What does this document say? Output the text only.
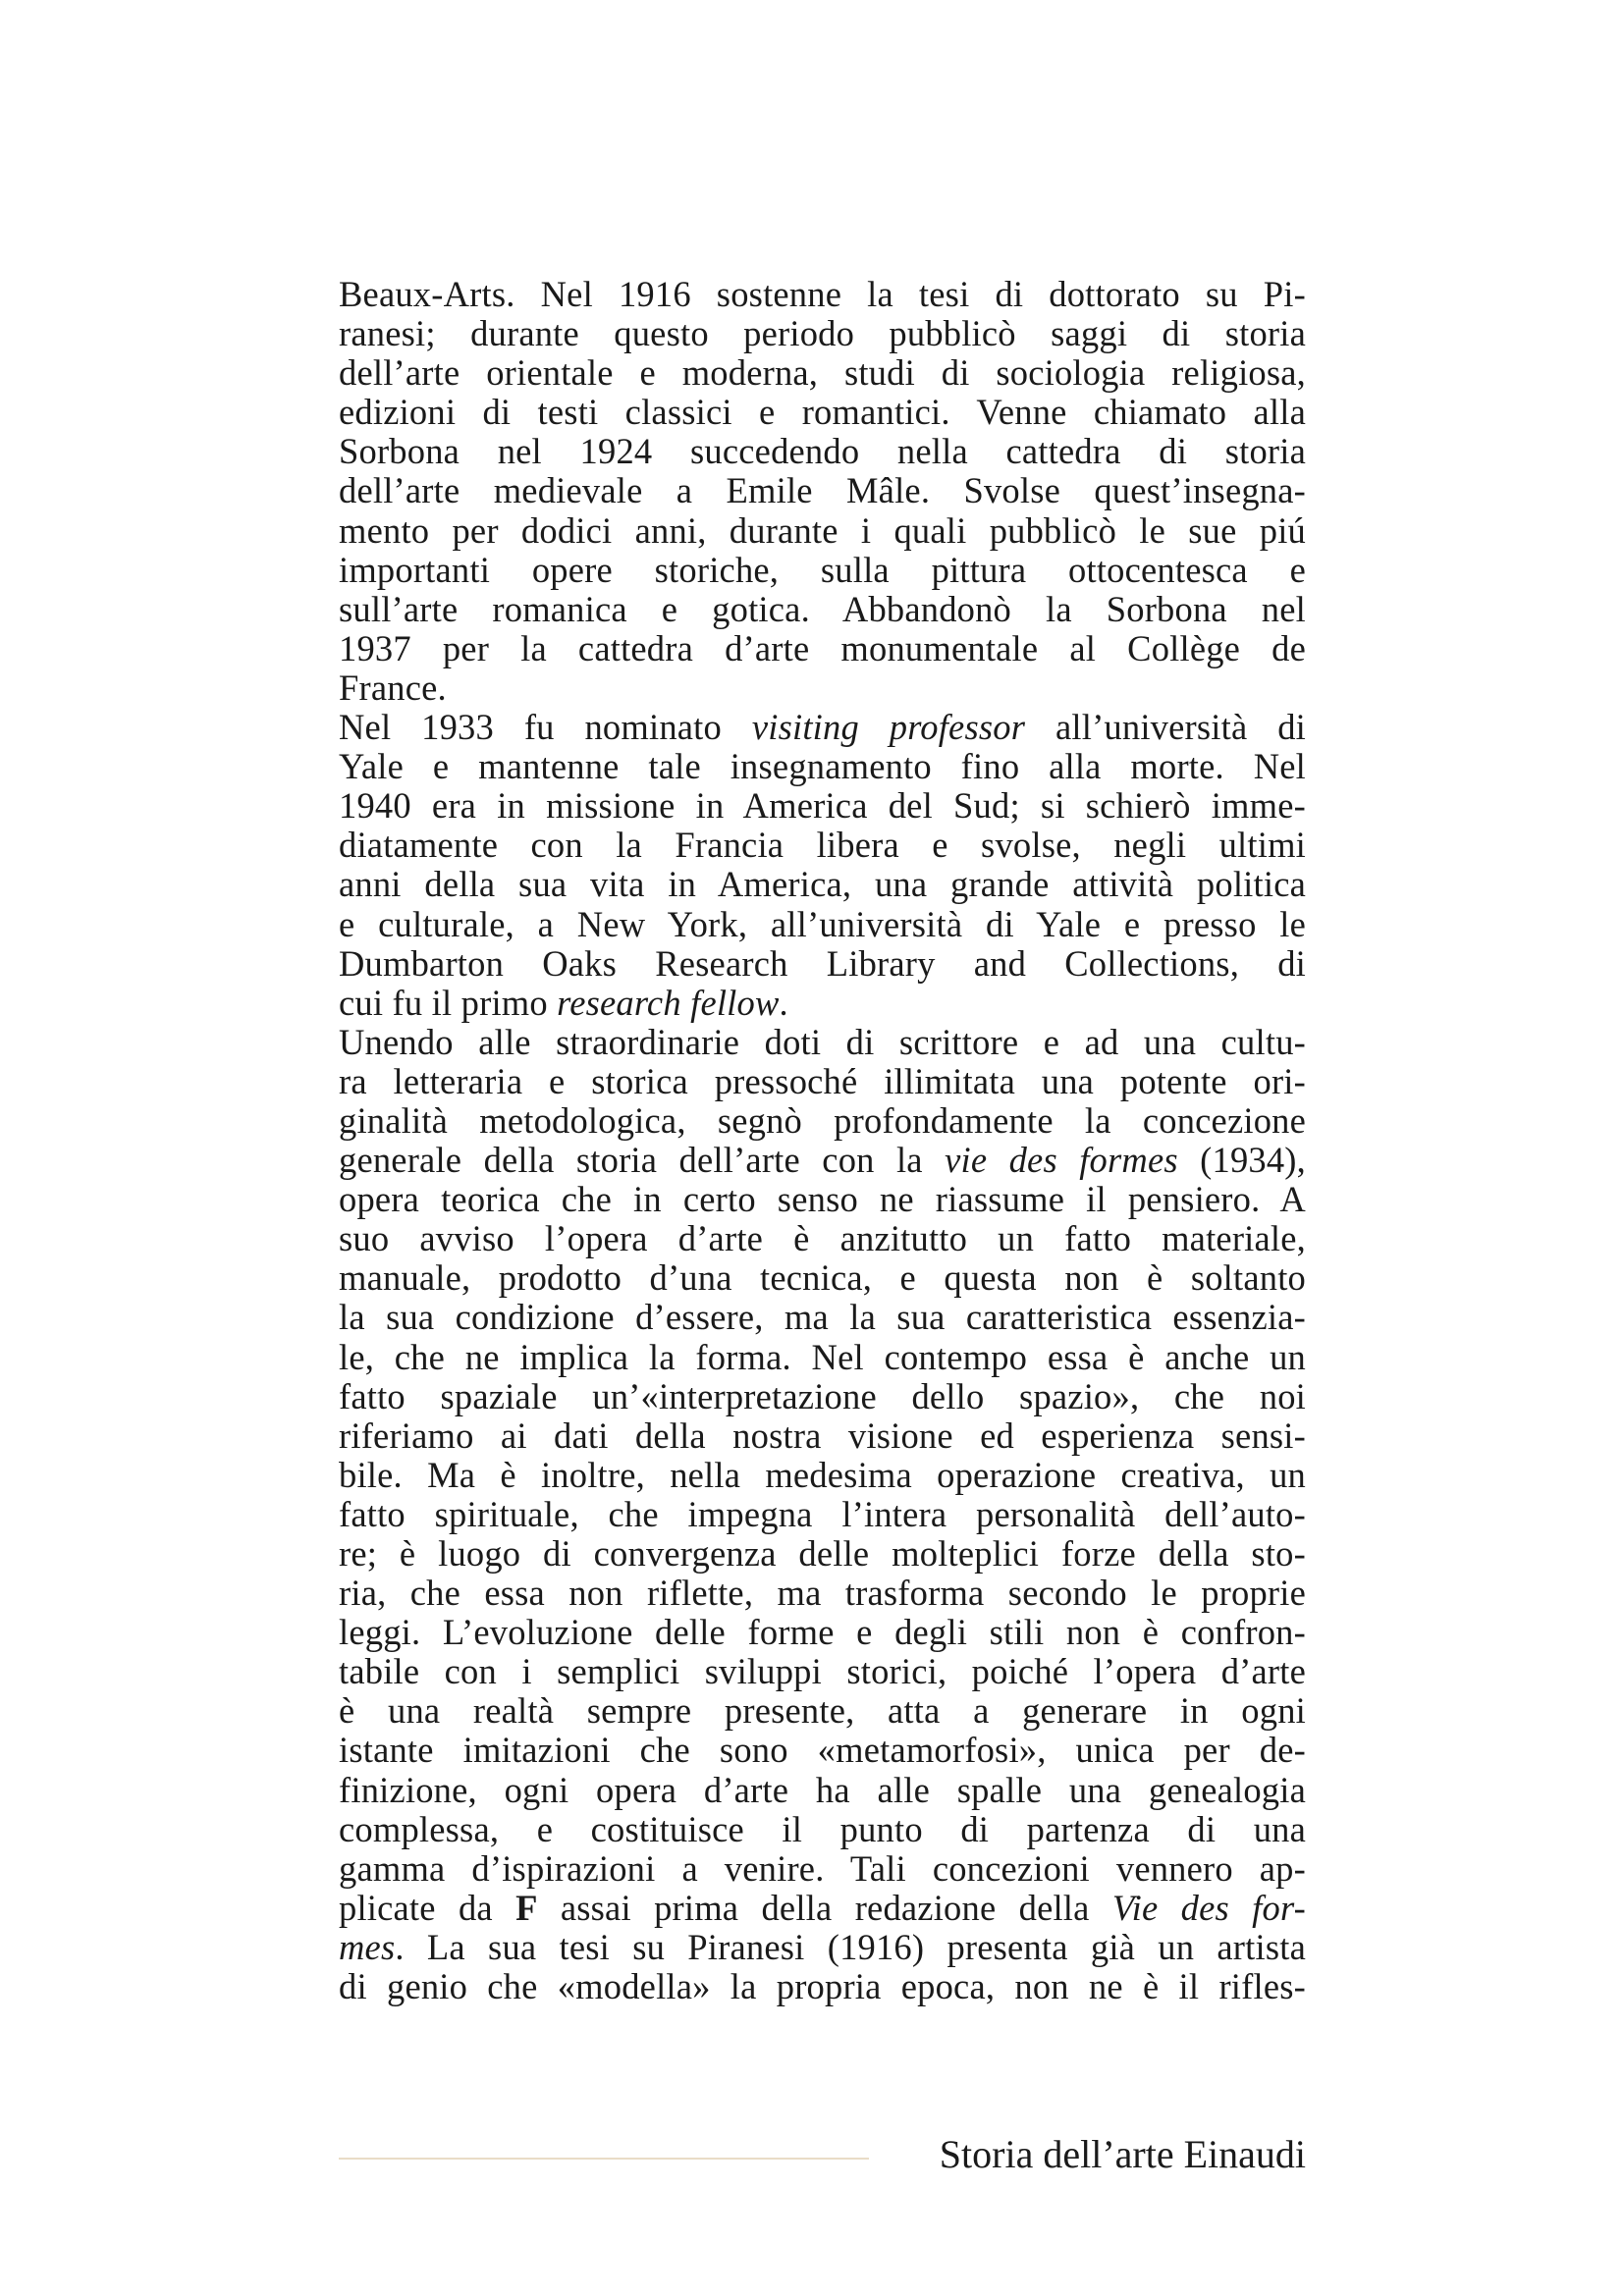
Beaux-Arts. Nel 1916 sostenne la tesi di dottorato su Pi-
ranesi; durante questo periodo pubblicò saggi di storia
dell’arte orientale e moderna, studi di sociologia religiosa,
edizioni di testi classici e romantici. Venne chiamato alla
Sorbona nel 1924 succedendo nella cattedra di storia
dell’arte medievale a Emile Mâle. Svolse quest’insegna-
mento per dodici anni, durante i quali pubblicò le sue piú
importanti opere storiche, sulla pittura ottocentesca e
sull’arte romanica e gotica. Abbandonò la Sorbona nel
1937 per la cattedra d’arte monumentale al Collège de
France.
Nel 1933 fu nominato visiting professor all’università di
Yale e mantenne tale insegnamento fino alla morte. Nel
1940 era in missione in America del Sud; si schierò imme-
diatamente con la Francia libera e svolse, negli ultimi
anni della sua vita in America, una grande attività politica
e culturale, a New York, all’università di Yale e presso le
Dumbarton Oaks Research Library and Collections, di
cui fu il primo research fellow.
Unendo alle straordinarie doti di scrittore e ad una cultu-
ra letteraria e storica pressoché illimitata una potente ori-
ginalità metodologica, segnò profondamente la concezione
generale della storia dell’arte con la vie des formes (1934),
opera teorica che in certo senso ne riassume il pensiero. A
suo avviso l’opera d’arte è anzitutto un fatto materiale,
manuale, prodotto d’una tecnica, e questa non è soltanto
la sua condizione d’essere, ma la sua caratteristica essenzia-
le, che ne implica la forma. Nel contempo essa è anche un
fatto spaziale un’«interpretazione dello spazio», che noi
riferiamo ai dati della nostra visione ed esperienza sensi-
bile. Ma è inoltre, nella medesima operazione creativa, un
fatto spirituale, che impegna l’intera personalità dell’auto-
re; è luogo di convergenza delle molteplici forze della sto-
ria, che essa non riflette, ma trasforma secondo le proprie
leggi. L’evoluzione delle forme e degli stili non è confron-
tabile con i semplici sviluppi storici, poiché l’opera d’arte
è una realtà sempre presente, atta a generare in ogni
istante imitazioni che sono «metamorfosi», unica per de-
finizione, ogni opera d’arte ha alle spalle una genealogia
complessa, e costituisce il punto di partenza di una
gamma d’ispirazioni a venire. Tali concezioni vennero ap-
plicate da F assai prima della redazione della Vie des for-
mes. La sua tesi su Piranesi (1916) presenta già un artista
di genio che «modella» la propria epoca, non ne è il rifles-
Storia dell’arte Einaudi
